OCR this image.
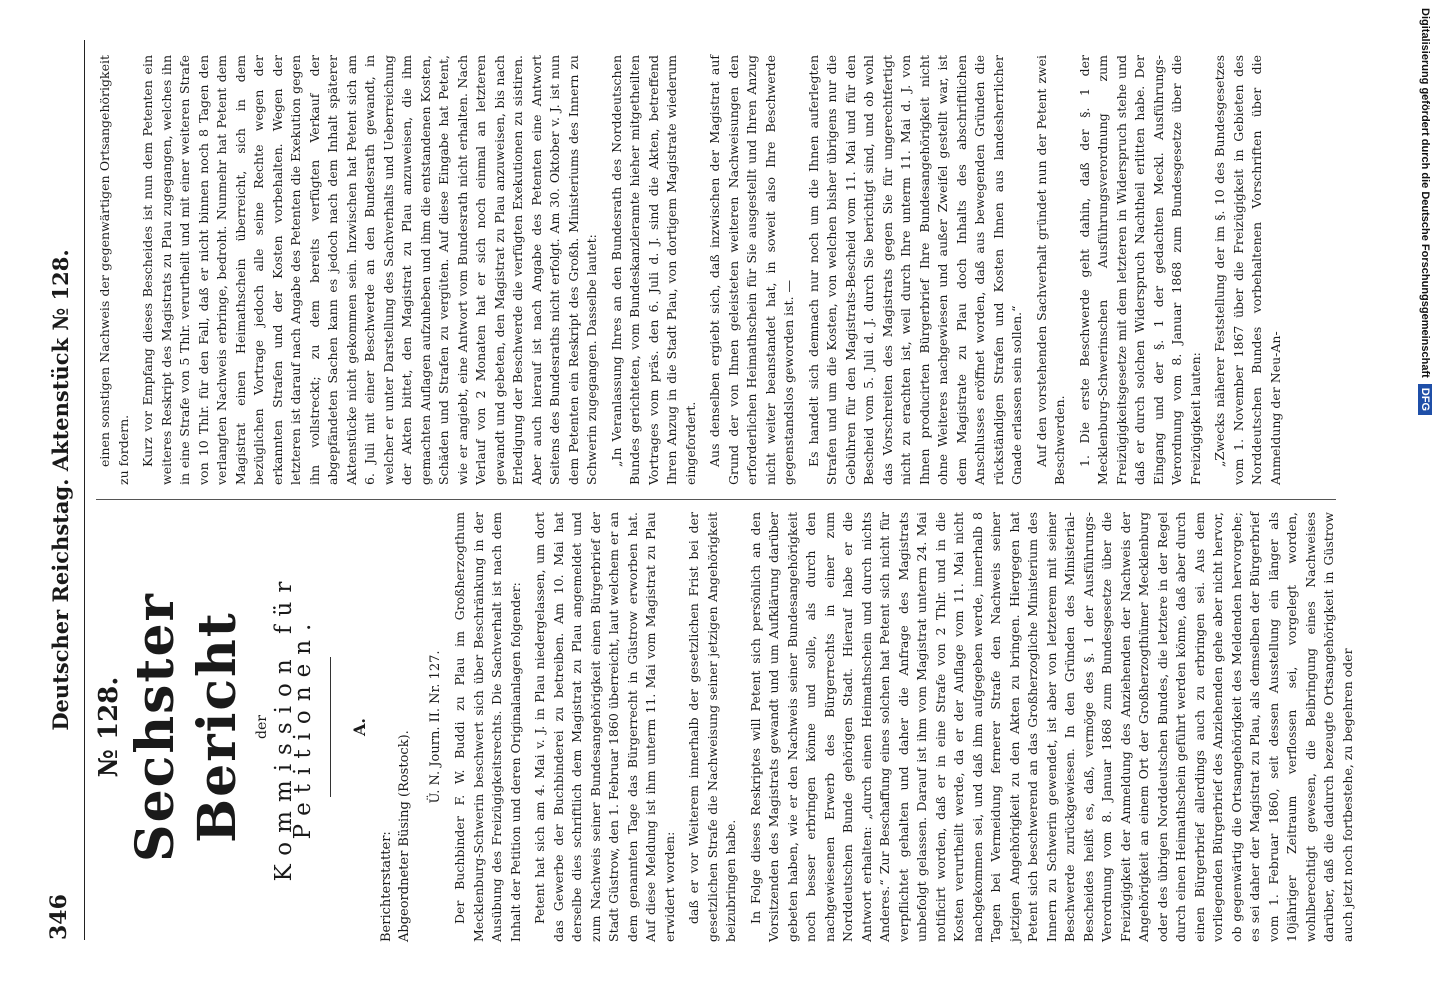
346
Deutscher Reichstag. Aktenstück № 128. № 128. Sechster Bericht der Kommission für Petitionen. A.

Berichterstatter: Abgeordneter Büsing (Rostock).

Ü. N. Journ. II. Nr. 127. Der Buchbinder F. W. Buddi zu Plau im Großherzogthum Mecklenburg-Schwerin beschwert sich über Beschränkung in der Ausübung des Freizügigkeitsrechts. Die Sachverhalt ist nach dem Inhalt der Petition und deren Originalanlagen folgender: Petent hat sich am 4. Mai v. J. in Plau niedergelassen, um dort das Gewerbe der Buchbinderei zu betreiben. Am 10. Mai hat derselbe dies schriftlich dem Magistrat zu Plau angemeldet und zum Nachweis seiner Bundesangehörigkeit einen Bürgerbrief der Stadt Güstrow, den 1. Februar 1860 überreicht, laut welchem er an dem genannten Tage das Bürgerrecht in Güstrow erworben hat. Auf diese Meldung ist ihm unterm 11. Mai vom Magistrat zu Plau erwidert worden: daß er vor Weiterem innerhalb der gesetzlichen Frist bei der gesetzlichen Strafe die Nachweisung seiner jetzigen Angehörigkeit beizubringen habe. In Folge dieses Reskriptes will Petent sich persönlich an den Vorsitzenden des Magistrats gewandt und um Aufklärung darüber gebeten haben, wie er den Nachweis seiner Bundesangehörigkeit noch besser erbringen könne und solle, als durch den nachgewiesenen Erwerb des Bürgerrechts in einer zum Norddeutschen Bunde gehörigen Stadt. Hierauf habe er die Antwort erhalten: „durch einen Heimathschein und durch nichts Anderes.“ Zur Beschaffung eines solchen hat Petent sich nicht für verpflichtet gehalten und daher die Anfrage des Magistrats unbefolgt gelassen. Darauf ist ihm vom Magistrat unterm 24. Mai notificirt worden, daß er in eine Strafe von 2 Thlr. und in die Kosten verurtheilt werde, da er der Auflage vom 11. Mai nicht nachgekommen sei, und daß ihm aufgegeben werde, innerhalb 8 Tagen bei Vermeidung fernerer Strafe den Nachweis seiner jetzigen Angehörigkeit zu den Akten zu bringen. Hiergegen hat Petent sich beschwerend an das Großherzogliche Ministerium des Innern zu Schwerin gewendet, ist aber von letzterem mit seiner Beschwerde zurückgewiesen. In den Gründen des Ministerial-Bescheides heißt es, daß, vermöge des §. 1 der Ausführungs-Verordnung vom 8. Januar 1868 zum Bundesgesetze über die Freizügigkeit der Anmeldung des Anziehenden der Nachweis der Angehörigkeit an einem Ort der Großherzogthümer Mecklenburg oder des übrigen Norddeutschen Bundes, die letztere in der Regel durch einen Heimathschein geführt werden könne, daß aber durch einen Bürgerbrief allerdings auch zu erbringen sei. Aus dem vorliegenden Bürgerbrief des Anziehenden gehe aber nicht hervor, ob gegenwärtig die Ortsangehörigkeit des Meldenden hervorgehe; es sei daher der Magistrat zu Plau, als demselben der Bürgerbrief vom 1. Februar 1860, seit dessen Ausstellung ein länger als 10jähriger Zeitraum verflossen sei, vorgelegt worden, wohlberechtigt gewesen, die Beibringung eines Nachweises darüber, daß die dadurch bezeugte Ortsangehörigkeit in Güstrow auch jetzt noch fortbestehe, zu begehren oder

einen sonstigen Nachweis der gegenwärtigen Ortsangehörigkeit zu fordern. Kurz vor Empfang dieses Bescheides ist nun dem Petenten ein weiteres Reskript des Magistrats zu Plau zugegangen, welches ihn in eine Strafe von 5 Thlr. verurtheilt und mit einer weiteren Strafe von 10 Thlr. für den Fall, daß er nicht binnen noch 8 Tagen den verlangten Nachweis erbringe, bedroht. Nunmehr hat Petent dem Magistrat einen Heimathschein überreicht, sich in dem bezüglichen Vortrage jedoch alle seine Rechte wegen der erkannten Strafen und der Kosten vorbehalten. Wegen der letzteren ist darauf nach Angabe des Petenten die Exekution gegen ihn vollstreckt; zu dem bereits verfügten Verkauf der abgepfändeten Sachen kann es jedoch nach dem Inhalt späterer Aktenstücke nicht gekommen sein. Inzwischen hat Petent sich am 6. Juli mit einer Beschwerde an den Bundesrath gewandt, in welcher er unter Darstellung des Sachverhalts und Ueberreichung der Akten bittet, den Magistrat zu Plau anzuweisen, die ihm gemachten Auflagen aufzuheben und ihm die entstandenen Kosten, Schäden und Strafen zu vergüten. Auf diese Eingabe hat Petent, wie er angiebt, eine Antwort vom Bundesrath nicht erhalten. Nach Verlauf von 2 Monaten hat er sich noch einmal an letzteren gewandt und gebeten, den Magistrat zu Plau anzuweisen, bis nach Erledigung der Beschwerde die verfügten Exekutionen zu sistiren. Aber auch hierauf ist nach Angabe des Petenten eine Antwort Seitens des Bundesraths nicht erfolgt. Am 30. Oktober v. J. ist nun dem Petenten ein Reskript des Großh. Ministeriums des Innern zu Schwerin zugegangen. Dasselbe lautet: „In Veranlassung Ihres an den Bundesrath des Norddeutschen Bundes gerichteten, vom Bundeskanzleramte hieher mitgetheilten Vortrages vom präs. den 6. Juli d. J. sind die Akten, betreffend Ihren Anzug in die Stadt Plau, von dortigem Magistrate wiederum eingefordert. Aus denselben ergiebt sich, daß inzwischen der Magistrat auf Grund der von Ihnen geleisteten weiteren Nachweisungen den erforderlichen Heimathschein für Sie ausgestellt und Ihren Anzug nicht weiter beanstandet hat, in soweit also Ihre Beschwerde gegenstandslos geworden ist. — Es handelt sich demnach nur noch um die Ihnen auferlegten Strafen und um die Kosten, von welchen bisher übrigens nur die Gebühren für den Magistrats-Bescheid vom 11. Mai und für den Bescheid vom 5. Juli d. J. durch Sie berichtigt sind, und ob wohl das Vorschreiten des Magistrats gegen Sie für ungerechtfertigt nicht zu erachten ist, weil durch Ihre unterm 11. Mai d. J. von Ihnen producirten Bürgerbrief Ihre Bundesangehörigkeit nicht ohne Weiteres nachgewiesen und außer Zweifel gestellt war, ist dem Magistrate zu Plau doch Inhalts des abschriftlichen Anschlusses eröffnet worden, daß aus bewegenden Gründen die rückständigen Strafen und Kosten Ihnen aus landesherrlicher Gnade erlassen sein sollen.“ Auf den vorstehenden Sachverhalt gründet nun der Petent zwei Beschwerden. 1. Die erste Beschwerde geht dahin, daß der §. 1 der Mecklenburg-Schwerinschen Ausführungsverordnung zum Freizügigkeitsgesetze mit dem letzteren in Widerspruch stehe und daß er durch solchen Widerspruch Nachtheil erlitten habe. Der Eingang und der §. 1 der gedachten Meckl. Ausführungs-Verordnung vom 8. Januar 1868 zum Bundesgesetze über die Freizügigkeit lauten: „Zwecks näherer Feststellung der im §. 10 des Bundesgesetzes vom 1. November 1867 über die Freizügigkeit in Gebieten des Norddeutschen Bundes vorbehaltenen Vorschriften über die Anmeldung der Neu-An-

Digitalisierung gefördert durch die Deutsche ForschungsgemeinschaftDFG
